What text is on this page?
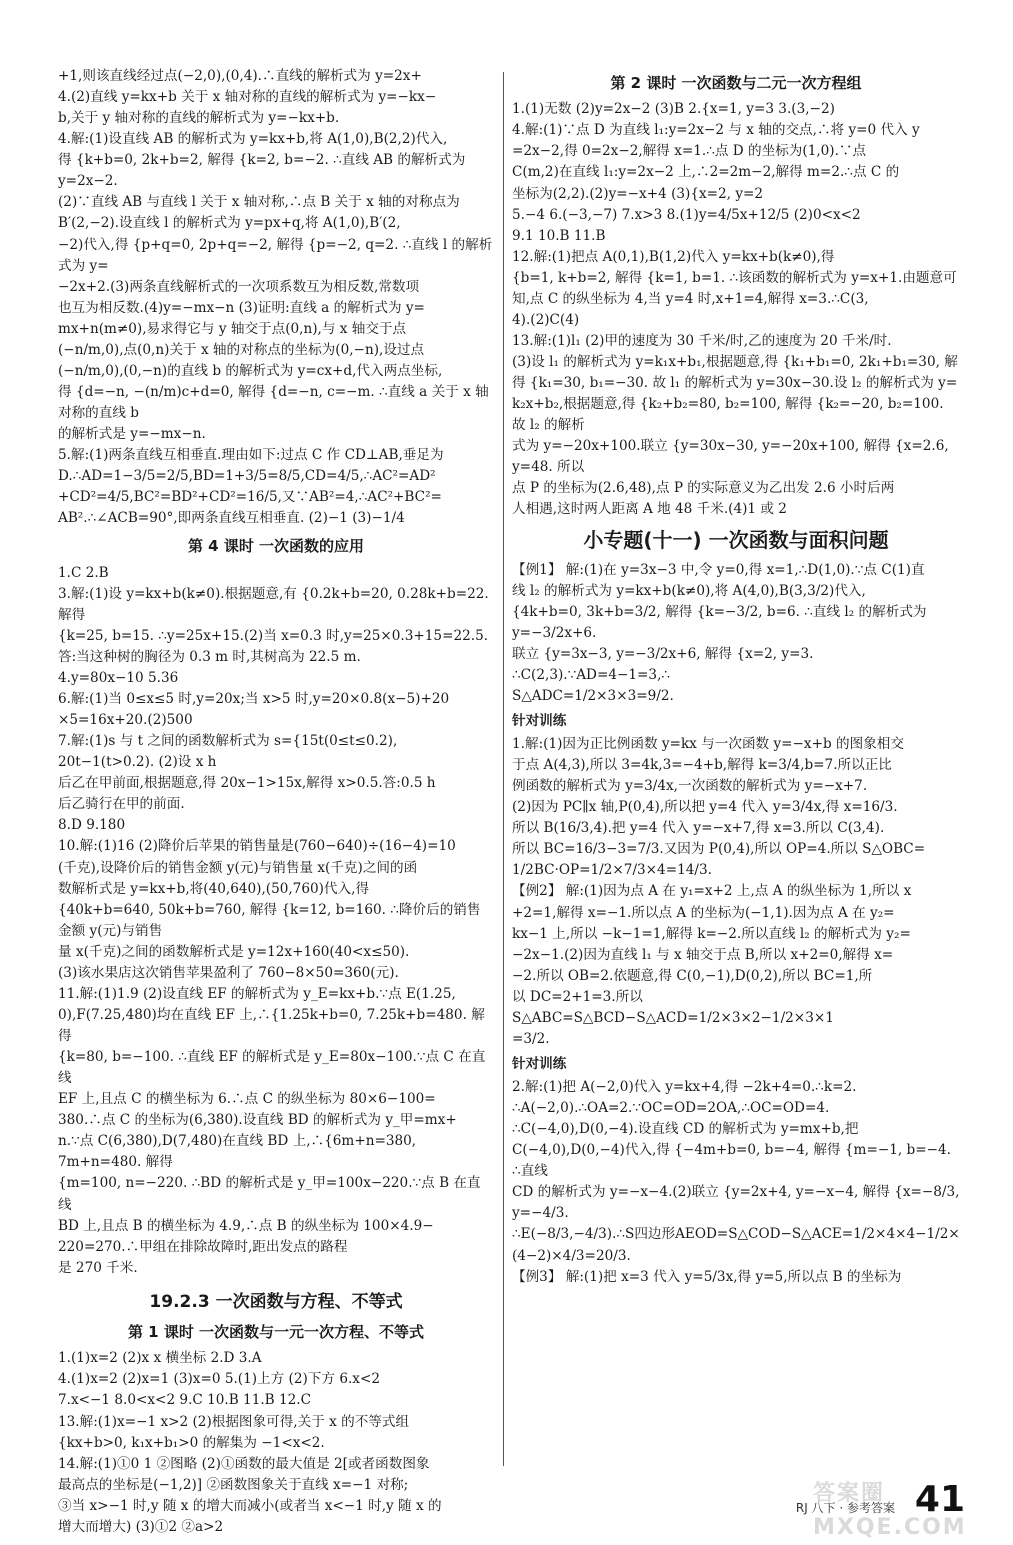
+1,则该直线经过点(−2,0),(0,4).∴直线的解析式为 y=2x+
4.(2)直线 y=kx+b 关于 x 轴对称的直线的解析式为 y=−kx−
b,关于 y 轴对称的直线的解析式为 y=−kx+b.
4.解:(1)设直线 AB 的解析式为 y=kx+b,将 A(1,0),B(2,2)代入,
得 {k+b=0, 2k+b=2, 解得 {k=2, b=−2. ∴直线 AB 的解析式为 y=2x−2.
(2)∵直线 AB 与直线 l 关于 x 轴对称,∴点 B 关于 x 轴的对称点为
B′(2,−2).设直线 l 的解析式为 y=px+q,将 A(1,0),B′(2,
−2)代入,得 {p+q=0, 2p+q=−2, 解得 {p=−2, q=2. ∴直线 l 的解析式为 y=
−2x+2.(3)两条直线解析式的一次项系数互为相反数,常数项
也互为相反数.(4)y=−mx−n (3)证明:直线 a 的解析式为 y=
mx+n(m≠0),易求得它与 y 轴交于点(0,n),与 x 轴交于点
(−n/m,0),点(0,n)关于 x 轴的对称点的坐标为(0,−n),设过点
(−n/m,0),(0,−n)的直线 b 的解析式为 y=cx+d,代入两点坐标,
得 {d=−n, −(n/m)c+d=0, 解得 {d=−n, c=−m. ∴直线 a 关于 x 轴对称的直线 b
的解析式是 y=−mx−n.
5.解:(1)两条直线互相垂直.理由如下:过点 C 作 CD⊥AB,垂足为
D.∴AD=1−3/5=2/5,BD=1+3/5=8/5,CD=4/5,∴AC²=AD²
+CD²=4/5,BC²=BD²+CD²=16/5,又∵AB²=4,∴AC²+BC²=
AB².∴∠ACB=90°,即两条直线互相垂直. (2)−1 (3)−1/4
第 4 课时 一次函数的应用
1.C 2.B
3.解:(1)设 y=kx+b(k≠0).根据题意,有 {0.2k+b=20, 0.28k+b=22. 解得
{k=25, b=15. ∴y=25x+15.(2)当 x=0.3 时,y=25×0.3+15=22.5.
答:当这种树的胸径为 0.3 m 时,其树高为 22.5 m.
4.y=80x−10 5.36
6.解:(1)当 0≤x≤5 时,y=20x;当 x>5 时,y=20×0.8(x−5)+20
×5=16x+20.(2)500
7.解:(1)s 与 t 之间的函数解析式为 s={15t(0≤t≤0.2), 20t−1(t>0.2). (2)设 x h
后乙在甲前面,根据题意,得 20x−1>15x,解得 x>0.5.答:0.5 h
后乙骑行在甲的前面.
8.D 9.180
10.解:(1)16 (2)降价后苹果的销售量是(760−640)÷(16−4)=10
(千克),设降价后的销售金额 y(元)与销售量 x(千克)之间的函
数解析式是 y=kx+b,将(40,640),(50,760)代入,得
{40k+b=640, 50k+b=760, 解得 {k=12, b=160. ∴降价后的销售金额 y(元)与销售
量 x(千克)之间的函数解析式是 y=12x+160(40<x≤50).
(3)该水果店这次销售苹果盈利了 760−8×50=360(元).
11.解:(1)1.9 (2)设直线 EF 的解析式为 y_E=kx+b.∵点 E(1.25,
0),F(7.25,480)均在直线 EF 上,∴{1.25k+b=0, 7.25k+b=480. 解得
{k=80, b=−100. ∴直线 EF 的解析式是 y_E=80x−100.∵点 C 在直线
EF 上,且点 C 的横坐标为 6.∴点 C 的纵坐标为 80×6−100=
380.∴点 C 的坐标为(6,380).设直线 BD 的解析式为 y_甲=mx+
n.∵点 C(6,380),D(7,480)在直线 BD 上,∴{6m+n=380, 7m+n=480. 解得
{m=100, n=−220. ∴BD 的解析式是 y_甲=100x−220.∵点 B 在直线
BD 上,且点 B 的横坐标为 4.9,∴点 B 的纵坐标为 100×4.9−
220=270.∴甲组在排除故障时,距出发点的路程
是 270 千米.
19.2.3 一次函数与方程、不等式
第 1 课时 一次函数与一元一次方程、不等式
1.(1)x=2 (2)x x 横坐标 2.D 3.A
4.(1)x=2 (2)x=1 (3)x=0 5.(1)上方 (2)下方 6.x<2
7.x<−1 8.0<x<2 9.C 10.B 11.B 12.C
13.解:(1)x=−1 x>2 (2)根据图象可得,关于 x 的不等式组
{kx+b>0, k₁x+b₁>0 的解集为 −1<x<2.
14.解:(1)①0 1 ②图略 (2)①函数的最大值是 2[或者函数图象
最高点的坐标是(−1,2)] ②函数图象关于直线 x=−1 对称;
③当 x>−1 时,y 随 x 的增大而减小(或者当 x<−1 时,y 随 x 的
增大而增大) (3)①2 ②a>2
第 2 课时 一次函数与二元一次方程组
1.(1)无数 (2)y=2x−2 (3)B 2.{x=1, y=3 3.(3,−2)
4.解:(1)∵点 D 为直线 l₁:y=2x−2 与 x 轴的交点,∴将 y=0 代入 y
=2x−2,得 0=2x−2,解得 x=1.∴点 D 的坐标为(1,0).∵点
C(m,2)在直线 l₁:y=2x−2 上,∴2=2m−2,解得 m=2.∴点 C 的
坐标为(2,2).(2)y=−x+4 (3){x=2, y=2
5.−4 6.(−3,−7) 7.x>3 8.(1)y=4/5x+12/5 (2)0<x<2
9.1 10.B 11.B
12.解:(1)把点 A(0,1),B(1,2)代入 y=kx+b(k≠0),得
{b=1, k+b=2, 解得 {k=1, b=1. ∴该函数的解析式为 y=x+1.由题意可
知,点 C 的纵坐标为 4,当 y=4 时,x+1=4,解得 x=3.∴C(3,
4).(2)C(4)
13.解:(1)l₁ (2)甲的速度为 30 千米/时,乙的速度为 20 千米/时.
(3)设 l₁ 的解析式为 y=k₁x+b₁,根据题意,得 {k₁+b₁=0, 2k₁+b₁=30, 解
得 {k₁=30, b₁=−30. 故 l₁ 的解析式为 y=30x−30.设 l₂ 的解析式为 y=
k₂x+b₂,根据题意,得 {k₂+b₂=80, b₂=100, 解得 {k₂=−20, b₂=100. 故 l₂ 的解析
式为 y=−20x+100.联立 {y=30x−30, y=−20x+100, 解得 {x=2.6, y=48. 所以
点 P 的坐标为(2.6,48),点 P 的实际意义为乙出发 2.6 小时后两
人相遇,这时两人距离 A 地 48 千米.(4)1 或 2
小专题(十一) 一次函数与面积问题
【例1】 解:(1)在 y=3x−3 中,令 y=0,得 x=1,∴D(1,0).∵点 C(1)直
线 l₂ 的解析式为 y=kx+b(k≠0),将 A(4,0),B(3,3/2)代入,
{4k+b=0, 3k+b=3/2, 解得 {k=−3/2, b=6. ∴直线 l₂ 的解析式为 y=−3/2x+6.
联立 {y=3x−3, y=−3/2x+6, 解得 {x=2, y=3. ∴C(2,3).∵AD=4−1=3,∴
S△ADC=1/2×3×3=9/2.
针对训练
1.解:(1)因为正比例函数 y=kx 与一次函数 y=−x+b 的图象相交
于点 A(4,3),所以 3=4k,3=−4+b,解得 k=3/4,b=7.所以正比
例函数的解析式为 y=3/4x,一次函数的解析式为 y=−x+7.
(2)因为 PC∥x 轴,P(0,4),所以把 y=4 代入 y=3/4x,得 x=16/3.
所以 B(16/3,4).把 y=4 代入 y=−x+7,得 x=3.所以 C(3,4).
所以 BC=16/3−3=7/3.又因为 P(0,4),所以 OP=4.所以 S△OBC=
1/2BC·OP=1/2×7/3×4=14/3.
【例2】 解:(1)因为点 A 在 y₁=x+2 上,点 A 的纵坐标为 1,所以 x
+2=1,解得 x=−1.所以点 A 的坐标为(−1,1).因为点 A 在 y₂=
kx−1 上,所以 −k−1=1,解得 k=−2.所以直线 l₂ 的解析式为 y₂=
−2x−1.(2)因为直线 l₁ 与 x 轴交于点 B,所以 x+2=0,解得 x=
−2.所以 OB=2.依题意,得 C(0,−1),D(0,2),所以 BC=1,所
以 DC=2+1=3.所以 S△ABC=S△BCD−S△ACD=1/2×3×2−1/2×3×1
=3/2.
针对训练
2.解:(1)把 A(−2,0)代入 y=kx+4,得 −2k+4=0.∴k=2.
∴A(−2,0).∴OA=2.∵OC=OD=2OA,∴OC=OD=4.
∴C(−4,0),D(0,−4).设直线 CD 的解析式为 y=mx+b,把
C(−4,0),D(0,−4)代入,得 {−4m+b=0, b=−4, 解得 {m=−1, b=−4. ∴直线
CD 的解析式为 y=−x−4.(2)联立 {y=2x+4, y=−x−4, 解得 {x=−8/3, y=−4/3.
∴E(−8/3,−4/3).∴S四边形AEOD=S△COD−S△ACE=1/2×4×4−1/2×
(4−2)×4/3=20/3.
【例3】 解:(1)把 x=3 代入 y=5/3x,得 y=5,所以点 B 的坐标为
RJ 八下 · 参考答案 41
答案圈 MXQE.COM
